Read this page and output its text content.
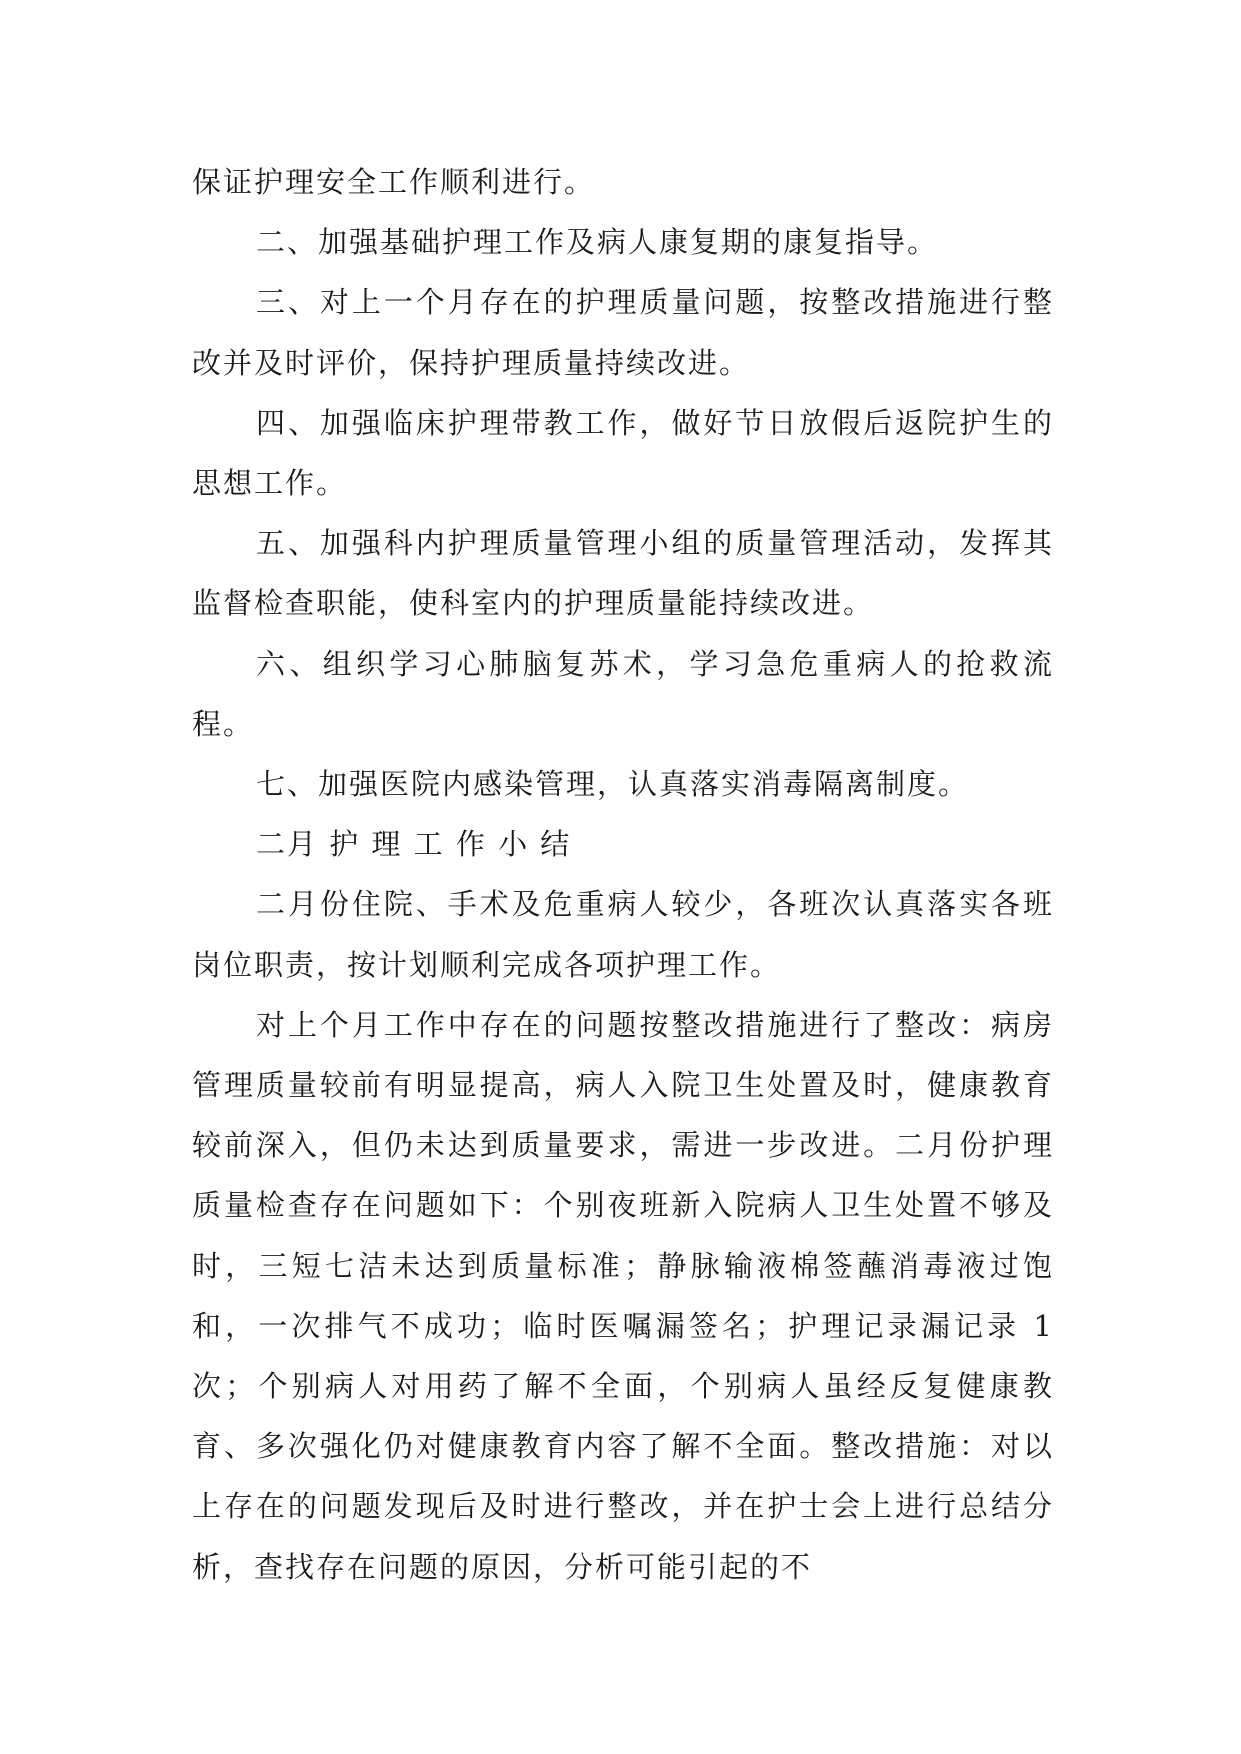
保证护理安全工作顺利进行。

二、加强基础护理工作及病人康复期的康复指导。

三、对上一个月存在的护理质量问题，按整改措施进行整改并及时评价，保持护理质量持续改进。

四、加强临床护理带教工作，做好节日放假后返院护生的思想工作。

五、加强科内护理质量管理小组的质量管理活动，发挥其监督检查职能，使科室内的护理质量能持续改进。

六、组织学习心肺脑复苏术，学习急危重病人的抢救流程。

七、加强医院内感染管理，认真落实消毒隔离制度。

二月 护 理 工 作 小 结

二月份住院、手术及危重病人较少，各班次认真落实各班岗位职责，按计划顺利完成各项护理工作。

对上个月工作中存在的问题按整改措施进行了整改：病房管理质量较前有明显提高，病人入院卫生处置及时，健康教育较前深入，但仍未达到质量要求，需进一步改进。二月份护理质量检查存在问题如下：个别夜班新入院病人卫生处置不够及时，三短七洁未达到质量标准；静脉输液棉签蘸消毒液过饱和，一次排气不成功；临时医嘱漏签名；护理记录漏记录 1 次；个别病人对用药了解不全面，个别病人虽经反复健康教育、多次强化仍对健康教育内容了解不全面。整改措施：对以上存在的问题发现后及时进行整改，并在护士会上进行总结分析，查找存在问题的原因，分析可能引起的不
